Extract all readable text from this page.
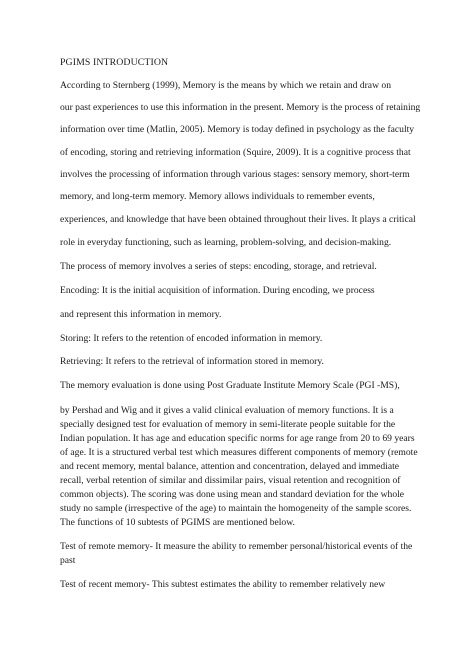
PGIMS INTRODUCTION
According to Sternberg (1999), Memory is the means by which we retain and draw on
our past experiences to use this information in the present. Memory is the process of retaining
information over time (Matlin, 2005). Memory is today defined in psychology as the faculty
of encoding, storing and retrieving information (Squire, 2009). It is a cognitive process that
involves the processing of information through various stages: sensory memory, short-term
memory, and long-term memory. Memory allows individuals to remember events,
experiences, and knowledge that have been obtained throughout their lives. It plays a critical
role in everyday functioning, such as learning, problem-solving, and decision-making.
The process of memory involves a series of steps: encoding, storage, and retrieval.
Encoding: It is the initial acquisition of information. During encoding, we process
and represent this information in memory.
Storing: It refers to the retention of encoded information in memory.
Retrieving: It refers to the retrieval of information stored in memory.
The memory evaluation is done using Post Graduate Institute Memory Scale (PGI -MS),
by Pershad and Wig and it gives a valid clinical evaluation of memory functions. It is a
specially designed test for evaluation of memory in semi-literate people suitable for the
Indian population. It has age and education specific norms for age range from 20 to 69 years
of age. It is a structured verbal test which measures different components of memory (remote
and recent memory, mental balance, attention and concentration, delayed and immediate
recall, verbal retention of similar and dissimilar pairs, visual retention and recognition of
common objects). The scoring was done using mean and standard deviation for the whole
study no sample (irrespective of the age) to maintain the homogeneity of the sample scores.
The functions of 10 subtests of PGIMS are mentioned below.
Test of remote memory- It measure the ability to remember personal/historical events of the
past
Test of recent memory- This subtest estimates the ability to remember relatively new
